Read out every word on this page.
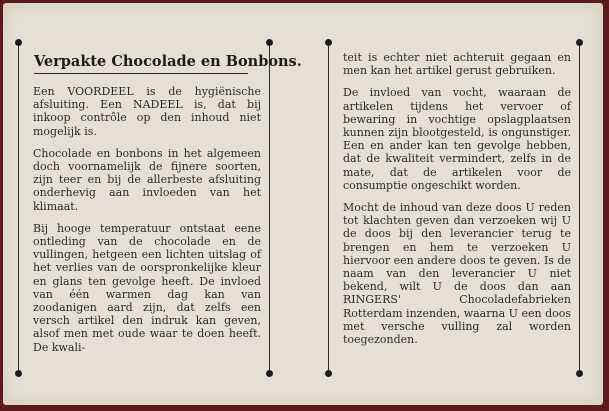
Verpakte Chocolade en Bonbons.

Een VOORDEEL is de hygiënische afsluiting. Een NADEEL is, dat bij inkoop contrôle op den inhoud niet mogelijk is.

Chocolade en bonbons in het algemeen doch voornamelijk de fijnere soorten, zijn teer en bij de allerbeste afsluiting onderhevig aan invloeden van het klimaat.

Bij hooge temperatuur ontstaat eene ontleding van de chocolade en de vullingen, hetgeen een lichten uitslag of het verlies van de oorspronkelijke kleur en glans ten gevolge heeft. De invloed van één warmen dag kan van zoodanigen aard zijn, dat zelfs een versch artikel den indruk kan geven, alsof men met oude waar te doen heeft. De kwali-

teit is echter niet achteruit gegaan en men kan het artikel gerust gebruiken.

De invloed van vocht, waaraan de artikelen tijdens het vervoer of bewaring in vochtige opslagplaatsen kunnen zijn blootgesteld, is ongunstiger. Een en ander kan ten gevolge hebben, dat de kwaliteit vermindert, zelfs in de mate, dat de artikelen voor de consumptie ongeschikt worden.

Mocht de inhoud van deze doos U reden tot klachten geven dan verzoeken wij U de doos bij den leverancier terug te brengen en hem te verzoeken U hiervoor een andere doos te geven. Is de naam van den leverancier U niet bekend, wilt U de doos dan aan RINGERS' Chocoladefabrieken Rotterdam inzenden, waarna U een doos met versche vulling zal worden toegezonden.
